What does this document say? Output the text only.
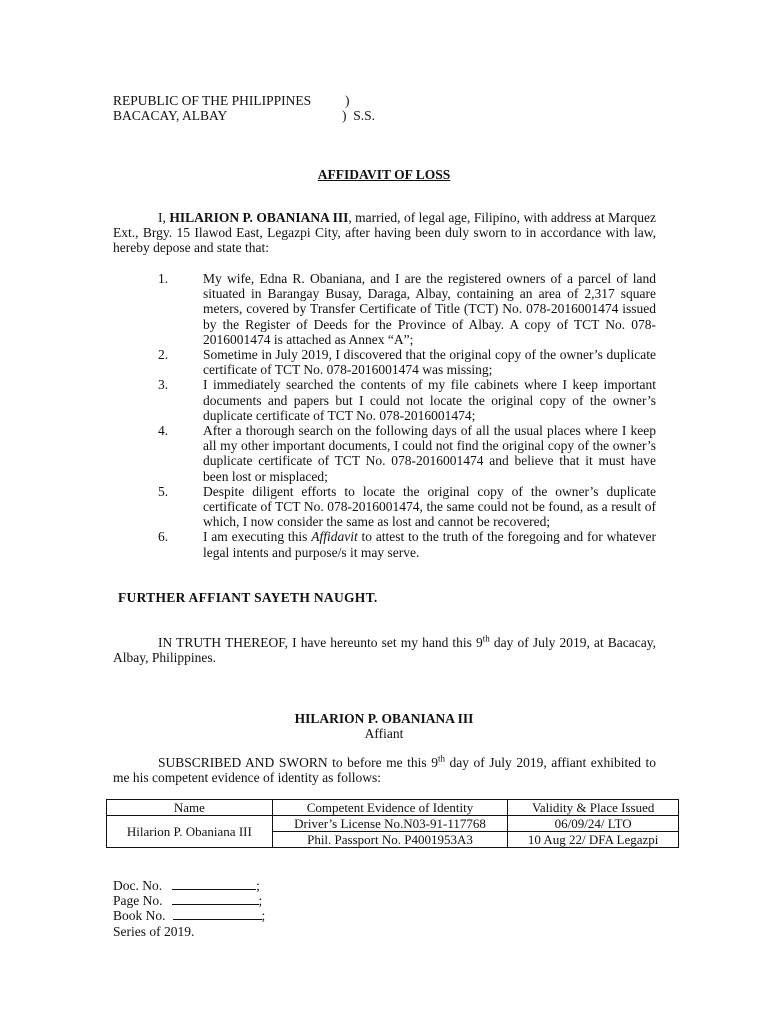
REPUBLIC OF THE PHILIPPINES	)
BACACAY, ALBAY	)  S.S.
AFFIDAVIT OF LOSS
I, HILARION P. OBANIANA III, married, of legal age, Filipino, with address at Marquez Ext., Brgy. 15 Ilawod East, Legazpi City, after having been duly sworn to in accordance with law, hereby depose and state that:
1.	My wife, Edna R. Obaniana, and I are the registered owners of a parcel of land situated in Barangay Busay, Daraga, Albay, containing an area of 2,317 square meters, covered by Transfer Certificate of Title (TCT) No. 078-2016001474 issued by the Register of Deeds for the Province of Albay. A copy of TCT No. 078-2016001474 is attached as Annex “A”;
2.	Sometime in July 2019, I discovered that the original copy of the owner’s duplicate certificate of TCT No. 078-2016001474 was missing;
3.	I immediately searched the contents of my file cabinets where I keep important documents and papers but I could not locate the original copy of the owner’s duplicate certificate of TCT No. 078-2016001474;
4.	After a thorough search on the following days of all the usual places where I keep all my other important documents, I could not find the original copy of the owner’s duplicate certificate of TCT No. 078-2016001474 and believe that it must have been lost or misplaced;
5.	Despite diligent efforts to locate the original copy of the owner’s duplicate certificate of TCT No. 078-2016001474, the same could not be found, as a result of which, I now consider the same as lost and cannot be recovered;
6.	I am executing this Affidavit to attest to the truth of the foregoing and for whatever legal intents and purpose/s it may serve.
FURTHER AFFIANT SAYETH NAUGHT.
IN TRUTH THEREOF, I have hereunto set my hand this 9th day of July 2019, at Bacacay, Albay, Philippines.
HILARION P. OBANIANA III
Affiant
SUBSCRIBED AND SWORN to before me this 9th day of July 2019, affiant exhibited to me his competent evidence of identity as follows:
Name	Competent Evidence of Identity	Validity & Place Issued
Hilarion P. Obaniana III	Driver’s License No.N03-91-117768	06/09/24/ LTO
	Phil. Passport No. P4001953A3	10 Aug 22/ DFA Legazpi
Doc. No.	;
Page No.	;
Book No.	;
Series of 2019.
